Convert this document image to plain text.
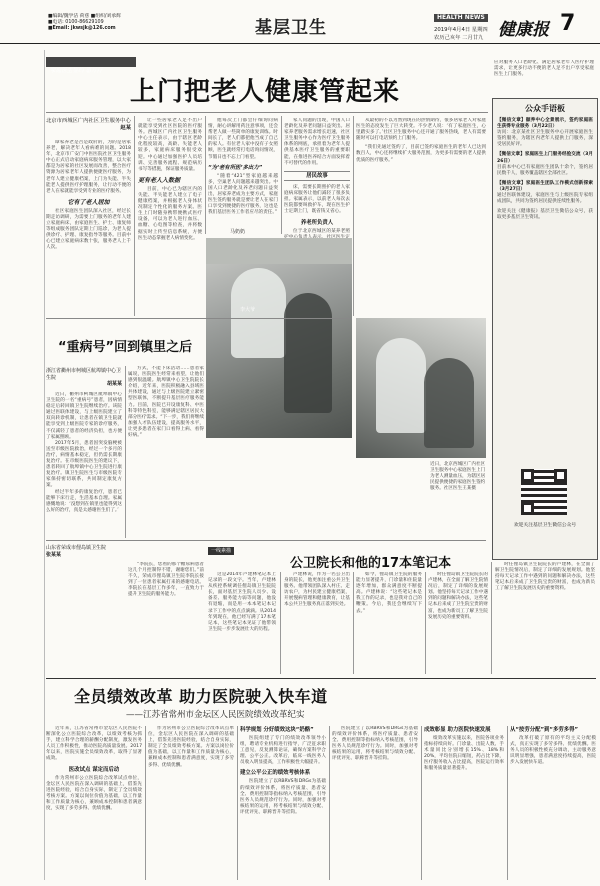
■编辑/魏学洁 荷慈 ■组织/刘承辉
■电话: 0100-86629109
■Email: jkwsjk@126.com	基层卫生
HEALTH NEWS
2019年4月4日 星期四
农历己亥年 二月廿九 健康报 7
家庭医生签约 惠万行
上门把老人健康管起来
北京市西城区广内社区卫生服务中心
赵某

谭家养老是否是政府的，为的是居家养老，解决老年人看病难的问题。2018年，北京市广安门中医医院社区卫生服务中心正式启动家庭病床服务管理，以大家都是为居家的社区发展而改善，整合医疗资源为居家老年人提供便捷医疗服务，为老年人建立健康档案，上门为失能、半失能老人提供医疗护理服务，让行动不便的老人在家就能享受到专业的医疗服务。

它有了老人居加

社区家庭医生团队深入社区，经过长期走访调研，为需要上门服务的老年人建立家庭病床，由家庭医生、护士、康复师等组成服务团队定期上门巡诊，为老人提供诊疗、护理、康复指导等服务。目前中心已建立家庭病床数十张，服务老人上千人次。

让一些居家老人足不出户就能享受到社区医院的医疗服务。西城区广内社区卫生服务中心主任表示，由于辖区老龄化程度较高，高龄、失能老人较多，家庭病床服务很受欢迎。中心通过加强医护人员培训、完善服务流程、规范病历书写等措施，保证服务质量。

更有老人入数据

目前，中心已为辖区内的失能、半失能老人建立了电子健康档案，并根据老人身体状况制定个性化的服务方案。医生上门时随身携带便携式医疗设备，可以为老人进行血压、血糖、心电图等检查，并将数据实时上传至信息系统，方便医生动态掌握老人病情变化。

他每次上门都会仔细询问病情，耐心讲解用药注意事项，还会帮老人做一些简单的康复训练。时间长了，老人们都把他当成了自己的家人。有位老人家中没有子女照顾，医生就经常打电话询问情况，节假日也不忘上门看望。

“为‘老有所医’多出力”

“随着“421”型家庭越来越多，空巢老人问题越来越突出。中国人口老龄化及养老问题日益突出，居家养老成为主要方式，家庭医生签约服务就是要让老人在家门口享受到便捷的医疗服务，这也是我们基层医务工作者应尽的责任。”

家人问题的出现，中国人口老龄化及养老问题日益突出。居家养老服务需求增长迅速，社区卫生服务中心作为医疗卫生服务体系的网底，承担着为老年人提供基本医疗卫生服务的重要职能，在推进医养结合方面发挥着不可替代的作用。

居民故事

床，需要长期照护的老人家庭病床服务让他们减轻了很多负担。家属表示，以前老人每次去医院都要叫救护车，现在医生护士定期上门，既省钱又省心。

养老所负责人

位于北京西城区的某养老照

从最初的不以为然到现在的热情期待，很多居家老人对家庭医生的态度发生了巨大转变。不少老人说：‘有了家庭医生，心里踏实多了。’社区卫生服务中心还开通了服务热线，老人有需要随时可以打电话预约上门服务。

“我们先通过签约了，目前已签约家庭医生的老年人已达到数百人，中心还将继续扩大服务范围，为更多有需要的老人提供优质的医疗服务。”

马奶奶
李大爷
近日，北京西城区广内社区卫生服务中心家庭医生上门为老人测量血压，为辖区居民提供便捷的家庭医生签约服务。社区医生王某摄
应对服务人口老龄化、满足居家老年人医疗护理需求，让更多行动不便的老人足不出户享受家庭医生上门服务。
公众手语板
【微信文章】颐养中心全景展示，签约家庭医生获得专业服务（3月22日）
访问：北京某社区卫生服务中心开展家庭医生签约服务，为辖区内老年人提供上门服务，深受居民好评。
【微信文章】家庭医生上门服务经验交流（3月26日）
目前本中心已有家庭医生团队十余个，签约居民数千人，服务覆盖辖区全部社区。
【微信文章】家庭医生团队工作模式创新探索（3月27日）
通过医联体建设，家庭医生与上级医院专家组成团队，共同为签约居民提供连续性服务。
欢迎关注《健康报》基层卫生微信公众号，获取更多基层卫生资讯。
欢迎关注基层卫生微信公众号
“重病号”回到镇里之后
浙江省衢州市柯城区航埠镇中心卫生院
胡某某

近日，衢州市柯城区航埠镇中心卫生院的一名“重病号”患者，因病情稳定后转回镇卫生院继续治疗。该院通过医联体建设，与上级医院建立了双向转诊机制，让患者在镇卫生院就能享受到上级医院专家的诊疗服务，不仅减轻了患者的经济负担，也方便了家属照顾。

2017年5月，患者因突发脑梗被送至市级医院救治，经过一个多月的治疗，病情基本稳定，但仍需长期康复治疗。在市级医院医生的建议下，患者转回了航埠镇中心卫生院进行康复治疗。镇卫生院医生与市级医院专家保持密切联系，共同制定康复方案。

经过半年多的康复治疗，患者已能够下床行走，生活基本自理。家属感慨地说：‘没想到在镇里也能得到这么好的治疗，真是太感谢医生们了。’

方式，不能下床活动……患者家属说，医院医生经常来看望，让他们感到很温暖。航埠镇中心卫生院院长介绍，近年来，医院积极融入县域医共体建设，通过与上级医院建立紧密型医联体，不断提升基层医疗服务能力。目前，医院已开设康复科、中医科等特色科室，能够满足辖区居民大部分医疗需求。“下一步，我们将继续加强人才队伍建设，提高服务水平，让更多患者在家门口看得上病、看得好病。”

山东省荣成市俚岛镇卫生院
张某某
一线素描

“李院长，您看的那个糖尿病患者这几个月控制得不错，谢谢您们。”前不久，荣成市俚岛镇卫生院李院长接到了一位患者家属打来的感谢电话。李院长在基层工作多年，一直致力于提升卫生院的服务能力。

公卫院长和他的17本笔记本

这是2014年卢建林笔记本上记录的一段文字。当年，卢建林从疾控系统调任俚岛镇卫生院院长，面对基层卫生院人员少、设备差、服务能力弱等问题，他没有退缩，而是用一本本笔记本记录下工作中的点点滴滴。从2014年到现在，他已经写满了17本笔记本，这些笔记本见证了他带领卫生院一步步发展壮大的历程。

卢建林说，作为一名公卫出身的院长，他更加注重公共卫生服务。他带领团队深入村庄、走访农户，为村民建立健康档案，开展慢病管理和健康教育，让基本公共卫生服务真正落到实处。

如今，俚岛镇卫生院的服务能力显著提升，门诊量和住院量逐年增加，群众满意度不断提高。卢建林说：“这些笔记本是我工作的记录，也是我对自己的鞭策。今后，我还会继续写下去。”

时任俚岛镇卫生院院长的卢建林，在全面了解卫生院情况后，制定了详细的发展规划。他坚持每天记录工作中遇到的问题和解决办法，这些笔记本后来成了卫生院宝贵的财富，也成为新员工了解卫生院发展历史的重要资料。

时任俚岛镇卫生院院长的卢建林，在全面了解卫生院情况后，制定了详细的发展规划。他坚持每天记录工作中遇到的问题和解决办法，这些笔记本后来成了卫生院宝贵的财富，也成为新员工了解卫生院发展历史的重要资料。

全员绩效改革 助力医院驶入快车道
——江苏省常州市金坛区人民医院绩效改革纪实

近年来，江苏省常州市金坛区人民医院不断深化公立医院综合改革，以绩效考核为抓手，建立科学合理的薪酬分配制度，激发医务人员工作积极性，推动医院高质量发展。2017年以来，医院实施全员绩效改革，取得了显著成效。

医改试点 谋定而后动

作为常州市公立医院综合改革试点单位，金坛区人民医院在深入调研的基础上，借鉴先进医院经验，结合自身实际，制定了全员绩效考核方案。方案以岗位价值为基础，以工作量和工作质量为核心，兼顾成本控制和患者满意度，实现了多劳多得、优绩优酬。

作为常州市公立医院综合改革试点单位，金坛区人民医院在深入调研的基础上，借鉴先进医院经验，结合自身实际，制定了全员绩效考核方案。方案以岗位价值为基础，以工作量和工作质量为核心，兼顾成本控制和患者满意度，实现了多劳多得、优绩优酬。

科学规划 分好绩效这块“奶酪”

医院组建了专门的绩效改革领导小组，聘请专业机构进行指导，广泛征求职工意见，反复测算论证，确保方案科学合理、公平公正。改革后，临床一线医务人员收入明显提高，工作积极性大幅提升。

建立公平公正的绩效考核体系

医院建立了以RBRVS和DRGs为基础的绩效评价体系，将医疗质量、患者安全、费用控制等指标纳入考核范围，引导医务人员规范诊疗行为。同时，加强对考核结果的运用，将考核结果与绩效分配、评优评先、职称晋升等挂钩。

医院建立了以RBRVS和DRGs为基础的绩效评价体系，将医疗质量、患者安全、费用控制等指标纳入考核范围，引导医务人员规范诊疗行为。同时，加强对考核结果的运用，将考核结果与绩效分配、评优评先、职称晋升等挂钩。

成效彰显 助力医院快速发展

绩效改革实施以来，医院各项业务指标持续向好。门诊量、出院人数、手术量同比分别增长15%、18%和20%，平均住院日缩短，药占比下降，医疗服务收入占比提高，医院运行效率和服务质量显著提升。

从“按劳分配”到“多劳多得”

改革打破了原有的平均主义分配模式，真正实现了多劳多得、优绩优酬。医务人员的积极性被充分调动，主动服务意识明显增强，患者满意度持续提高，医院步入发展快车道。
